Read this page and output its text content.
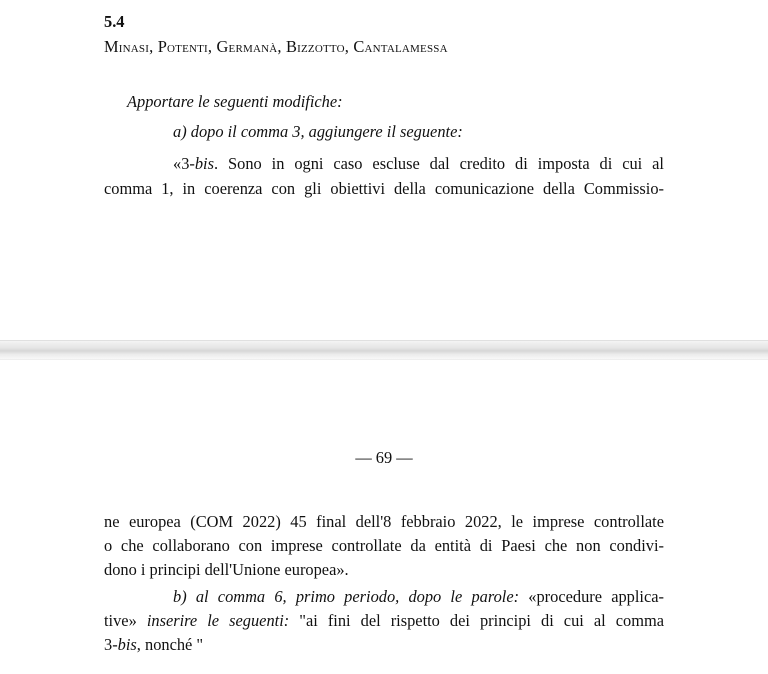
5.4
Minasi, Potenti, Germanà, Bizzotto, Cantalamessa
Apportare le seguenti modifiche:
a) dopo il comma 3, aggiungere il seguente:
«3-bis. Sono in ogni caso escluse dal credito di imposta di cui al
comma 1, in coerenza con gli obiettivi della comunicazione della Commissio-
— 69 —
ne europea (COM 2022) 45 final dell'8 febbraio 2022, le imprese controllate
o che collaborano con imprese controllate da entità di Paesi che non condivi-
dono i principi dell'Unione europea».
b) al comma 6, primo periodo, dopo le parole: «procedure applica-
tive» inserire le seguenti: "ai fini del rispetto dei principi di cui al comma
3-bis, nonché "
